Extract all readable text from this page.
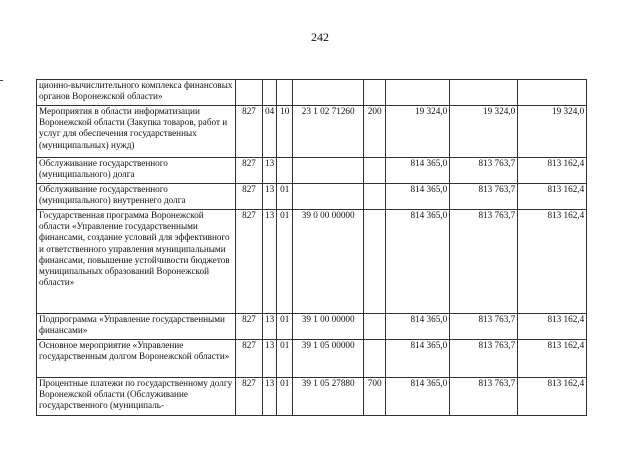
242
ционно-вычислительного комплекса финансовых органов Воронежской области»								
Мероприятия в области информатизации Воронежской области (Закупка товаров, работ и услуг для обеспечения государственных (муниципальных) нужд)	827	04	10	23 1 02 71260	200	19 324,0	19 324,0	19 324,0
Обслуживание государственного (муниципального) долга	827	13				814 365,0	813 763,7	813 162,4
Обслуживание государственного (муниципального) внутреннего долга	827	13	01			814 365,0	813 763,7	813 162,4
Государственная программа Воронежской области «Управление государственными финансами, создание условий для эффективного и ответственного управления муниципальными финансами, повышение устойчивости бюджетов муниципальных образований Воронежской области»	827	13	01	39 0 00 00000		814 365,0	813 763,7	813 162,4
Подпрограмма «Управление государственными финансами»	827	13	01	39 1 00 00000		814 365,0	813 763,7	813 162,4
Основное мероприятие «Управление государственным долгом Воронежской области»	827	13	01	39 1 05 00000		814 365,0	813 763,7	813 162,4
Процентные платежи по государственному долгу Воронежской области (Обслуживание государственного (муниципаль-	827	13	01	39 1 05 27880	700	814 365,0	813 763,7	813 162,4
